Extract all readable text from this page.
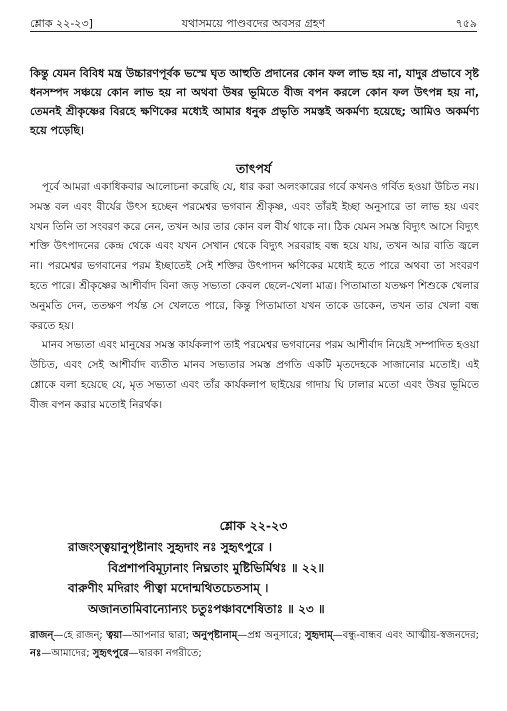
শ্লোক ২২-২৩]	যথাসময়ে পাণ্ডবদের অবসর গ্রহণ	৭৫৯
কিন্তু যেমন বিবিধ মন্ত্র উচ্চারণপূর্বক ভস্মে ঘৃত আহুতি প্রদানের কোন ফল লাভ হয় না, যাদুর প্রভাবে সৃষ্ট ধনসম্পদ সঞ্চয়ে কোন লাভ হয় না অথবা উষর ভূমিতে বীজ বপন করলে কোন ফল উৎপন্ন হয় না, তেমনই শ্রীকৃষ্ণের বিরহে ক্ষণিকের মধ্যেই আমার ধনুক প্রভৃতি সমস্তই অকর্মণ্য হয়েছে; আমিও অকর্মণ্য হয়ে পড়েছি।
তাৎপর্য

পূর্বে আমরা একাধিকবার আলোচনা করেছি যে, ধার করা অলংকারের গর্বে কখনও গর্বিত হওয়া উচিত নয়। সমস্ত বল এবং বীর্যের উৎস হচ্ছেন পরমেশ্বর ভগবান শ্রীকৃষ্ণ, এবং তাঁরই ইচ্ছা অনুসারে তা লাভ হয় এবং যখন তিনি তা সংবরণ করে নেন, তখন আর তার কোন বল বীর্য থাকে না। ঠিক যেমন সমস্ত বিদ্যুৎ আসে বিদ্যুৎ শক্তি উৎপাদনের কেন্দ্র থেকে এবং যখন সেখান থেকে বিদ্যুৎ সরবরাহ বন্ধ হয়ে যায়, তখন আর বাতি জ্বলে না। পরমেশ্বর ভগবানের পরম ইচ্ছাতেই সেই শক্তির উৎপাদন ক্ষণিকের মধ্যেই হতে পারে অথবা তা সংবরণ হতে পারে। শ্রীকৃষ্ণের আশীর্বাদ বিনা জড় সভ্যতা কেবল ছেলে-খেলা মাত্র। পিতামাতা যতক্ষণ শিশুকে খেলার অনুমতি দেন, ততক্ষণ পর্যন্ত সে খেলতে পারে, কিন্তু পিতামাতা যখন তাকে ডাকেন, তখন তার খেলা বন্ধ করতে হয়।

মানব সভ্যতা এবং মানুষের সমস্ত কার্যকলাপ তাই পরমেশ্বর ভগবানের পরম আশীর্বাদ নিয়েই সম্পাদিত হওয়া উচিত, এবং সেই আশীর্বাদ ব্যতীত মানব সভ্যতার সমস্ত প্রগতি একটি মৃতদেহকে সাজানোর মতোই। এই শ্লোকে বলা হয়েছে যে, মৃত সভ্যতা এবং তাঁর কার্যকলাপ ছাইয়ের গাদায় ঘি ঢালার মতো এবং উষর ভূমিতে বীজ বপন করার মতোই নিরর্থক।

শ্লোক ২২-২৩
রাজংস্ত্বয়ানুপৃষ্টানাং সুহৃদাং নঃ সুহৃৎপুরে ।
বিপ্রশাপবিমূঢ়ানাং নিঘ্নতাং মুষ্টিভির্মিথঃ ॥ ২২॥
বারুণীং মদিরাং পীত্বা মদোন্মথিতচেতসাম্‌ ।
অজানতামিবান্যোন্যং চতুঃপঞ্চাবশেষিতাঃ ॥ ২৩ ॥
রাজন্‌—হে রাজন্‌; ত্বয়া—আপনার দ্বারা; অনুপৃষ্টানাম্‌—প্রশ্ন অনুসারে; সুহৃদাম্‌—বন্ধু-বান্ধব এবং আত্মীয়-স্বজনদের; নঃ—আমাদের; সুহৃৎপুরে—দ্বারকা নগরীতে;
